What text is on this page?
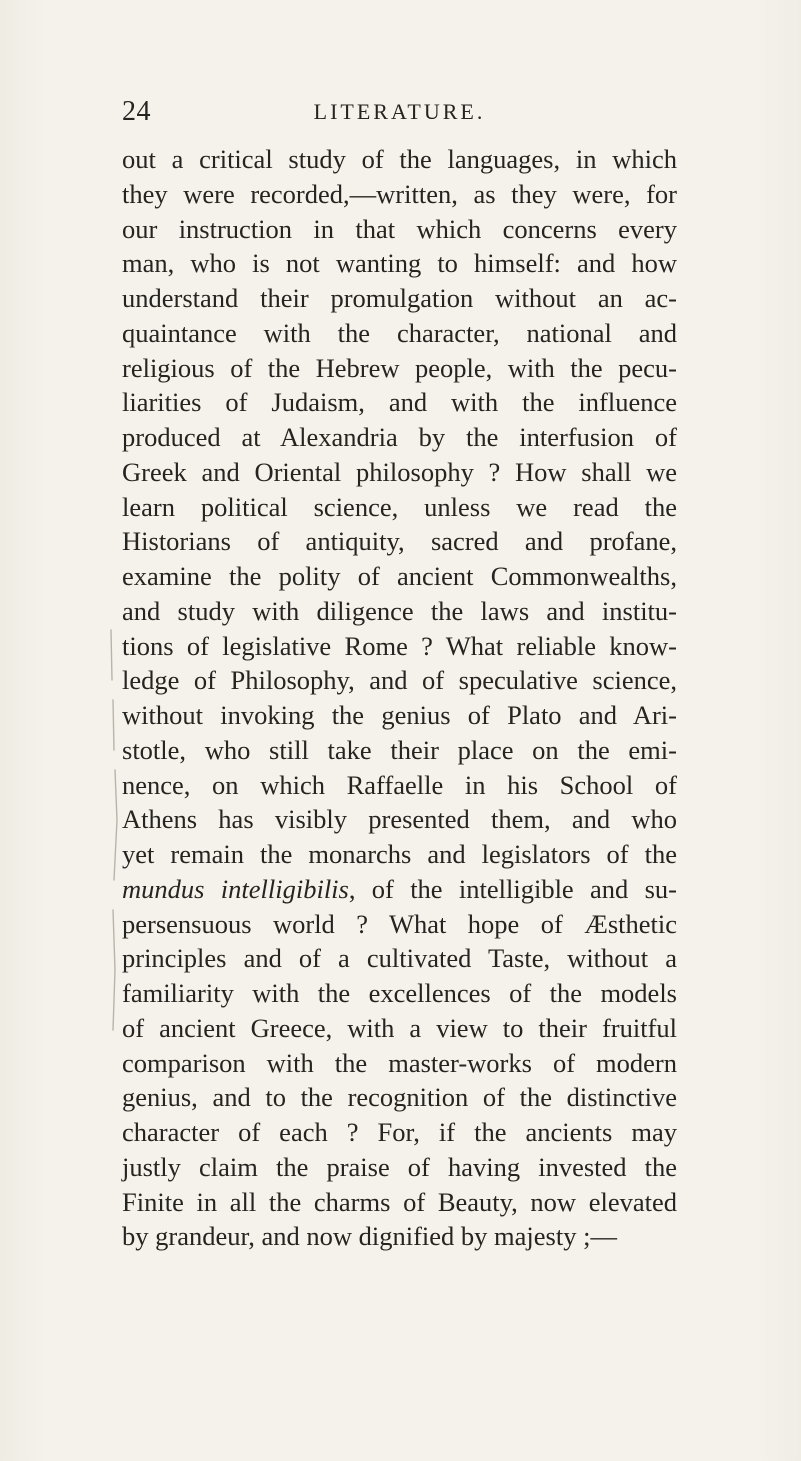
24	LITERATURE.
out a critical study of the languages, in which
they were recorded,—written, as they were, for
our instruction in that which concerns every
man, who is not wanting to himself: and how
understand their promulgation without an ac-
quaintance with the character, national and
religious of the Hebrew people, with the pecu-
liarities of Judaism, and with the influence
produced at Alexandria by the interfusion of
Greek and Oriental philosophy ? How shall we
learn political science, unless we read the
Historians of antiquity, sacred and profane,
examine the polity of ancient Commonwealths,
and study with diligence the laws and institu-
tions of legislative Rome ? What reliable know-
ledge of Philosophy, and of speculative science,
without invoking the genius of Plato and Ari-
stotle, who still take their place on the emi-
nence, on which Raffaelle in his School of
Athens has visibly presented them, and who
yet remain the monarchs and legislators of the
mundus intelligibilis, of the intelligible and su-
persensuous world ? What hope of Æsthetic
principles and of a cultivated Taste, without a
familiarity with the excellences of the models
of ancient Greece, with a view to their fruitful
comparison with the master-works of modern
genius, and to the recognition of the distinctive
character of each ? For, if the ancients may
justly claim the praise of having invested the
Finite in all the charms of Beauty, now elevated
by grandeur, and now dignified by majesty ;—
